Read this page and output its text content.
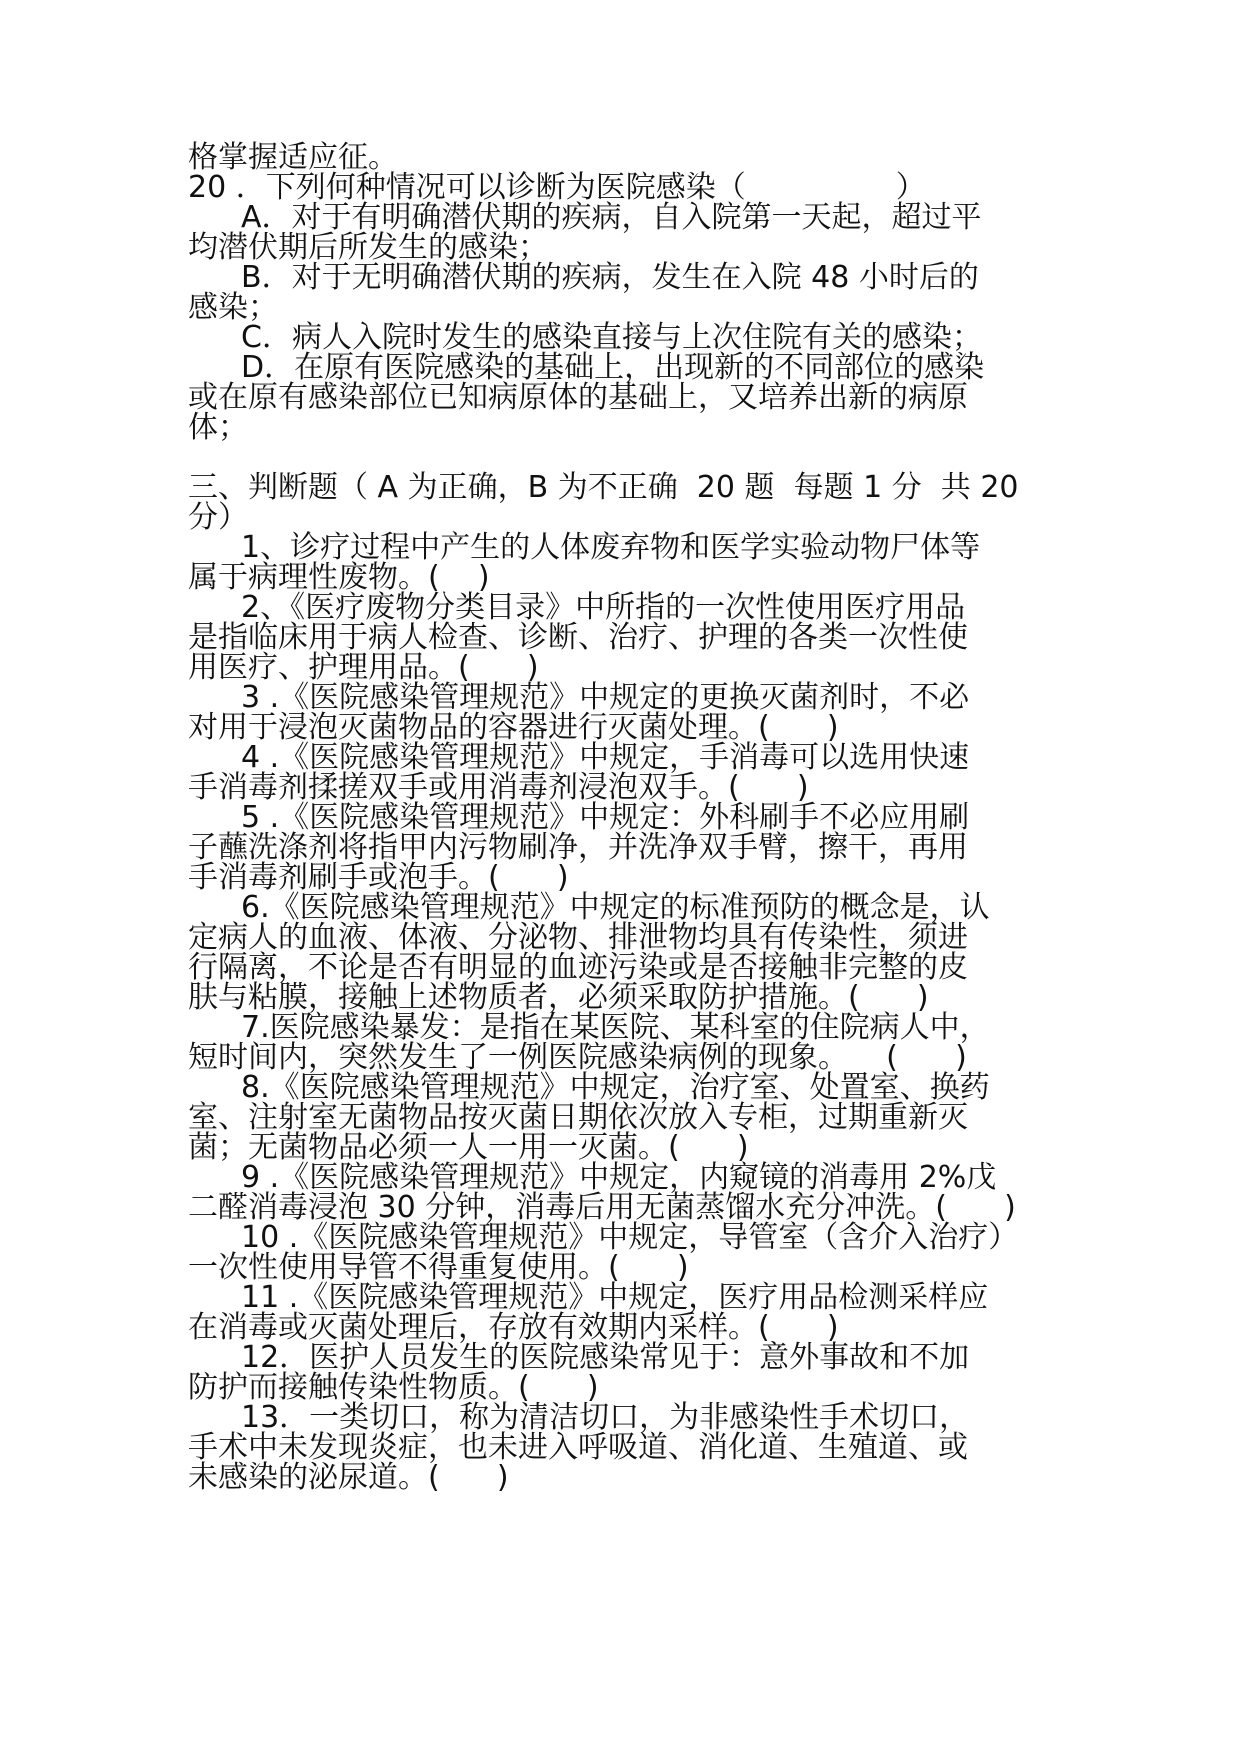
格掌握适应征。
20 ．下列何种情况可以诊断为医院感染（　　　　　）
A．对于有明确潜伏期的疾病，自入院第一天起，超过平
均潜伏期后所发生的感染；
B．对于无明确潜伏期的疾病，发生在入院 48 小时后的
感染；
C．病人入院时发生的感染直接与上次住院有关的感染；
D．在原有医院感染的基础上，出现新的不同部位的感染
或在原有感染部位已知病原体的基础上，又培养出新的病原
体；
三、判断题（ A 为正确，B 为不正确  20 题  每题 1 分  共 20
分）
1、诊疗过程中产生的人体废弃物和医学实验动物尸体等
属于病理性废物。(    )
2、《医疗废物分类目录》中所指的一次性使用医疗用品
是指临床用于病人检查、诊断、治疗、护理的各类一次性使
用医疗、护理用品。(      )
3 .《医院感染管理规范》中规定的更换灭菌剂时，不必
对用于浸泡灭菌物品的容器进行灭菌处理。(      )
4 .《医院感染管理规范》中规定，手消毒可以选用快速
手消毒剂揉搓双手或用消毒剂浸泡双手。(      )
5 .《医院感染管理规范》中规定：外科刷手不必应用刷
子蘸洗涤剂将指甲内污物刷净，并洗净双手臂，擦干，再用
手消毒剂刷手或泡手。(      )
6.《医院感染管理规范》中规定的标准预防的概念是，认
定病人的血液、体液、分泌物、排泄物均具有传染性，须进
行隔离，不论是否有明显的血迹污染或是否接触非完整的皮
肤与粘膜，接触上述物质者，必须采取防护措施。(      )
7.医院感染暴发：是指在某医院、某科室的住院病人中，
短时间内，突然发生了一例医院感染病例的现象。    (      )
8.《医院感染管理规范》中规定，治疗室、处置室、换药
室、注射室无菌物品按灭菌日期依次放入专柜，过期重新灭
菌；无菌物品必须一人一用一灭菌。(      )
9 .《医院感染管理规范》中规定，内窥镜的消毒用 2%戊
二醛消毒浸泡 30 分钟，消毒后用无菌蒸馏水充分冲洗。(      )
10 .《医院感染管理规范》中规定，导管室（含介入治疗）
一次性使用导管不得重复使用。(      )
11 .《医院感染管理规范》中规定，医疗用品检测采样应
在消毒或灭菌处理后，存放有效期内采样。(      )
12．医护人员发生的医院感染常见于：意外事故和不加
防护而接触传染性物质。(      )
13．一类切口，称为清洁切口，为非感染性手术切口，
手术中未发现炎症，也未进入呼吸道、消化道、生殖道、或
未感染的泌尿道。(      )
